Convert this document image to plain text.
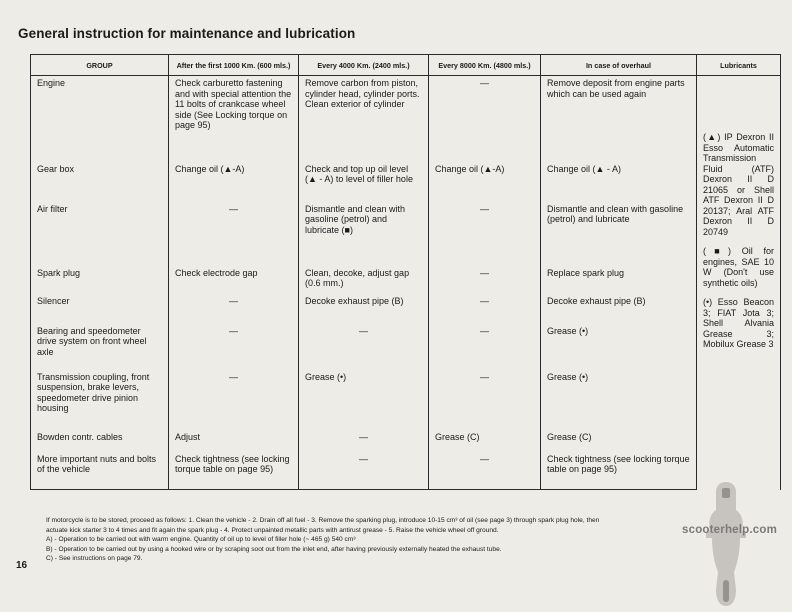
General instruction for maintenance and lubrication
GROUP	After the first 1000 Km. (600 mls.)	Every 4000 Km. (2400 mls.)	Every 8000 Km. (4800 mls.)	In case of overhaul	Lubricants
Engine	Check carburetto fastening and with special attention the 11 bolts of crankcase wheel side (See Locking torque on page 95)	Remove carbon from piston, cylinder head, cylinder ports. Clean exterior of cylinder	—	Remove deposit from engine parts which can be used again	(▲) IP Dexron II Esso Automatic Transmission Fluid (ATF) Dexron II D 21065 or Shell ATF Dexron II D 20137; Aral ATF Dexron II D 20749

(■) Oil for engines, SAE 10 W (Don't use synthetic oils)

(•) Esso Beacon 3; FIAT Jota 3; Shell Alvania Grease 3; Mobilux Grease 3

Gear box	Change oil (▲-A)	Check and top up oil level (▲ - A) to level of filler hole	Change oil (▲-A)	Change oil (▲ - A)	
Air filter	—	Dismantle and clean with gasoline (petrol) and lubricate (■)	—	Dismantle and clean with gasoline (petrol) and lubricate	
Spark plug	Check electrode gap	Clean, decoke, adjust gap (0.6 mm.)	—	Replace spark plug	
Silencer	—	Decoke exhaust pipe (B)	—	Decoke exhaust pipe (B)	
Bearing and speedometer drive system on front wheel axle	—	—	—	Grease (•)	
Transmission coupling, front suspension, brake levers, speedometer drive pinion housing	—	Grease (•)	—	Grease (•)	
Bowden contr. cables	Adjust	—	Grease (C)	Grease (C)	
More important nuts and bolts of the vehicle	Check tightness (see locking torque table on page 95)	—	—	Check tightness (see locking torque table on page 95)	
If motorcycle is to be stored, proceed as follows: 1. Clean the vehicle - 2. Drain off all fuel - 3. Remove the sparking plug, introduce 10-15 cm³ of oil (see page 3) through spark plug hole, then
actuate kick starter 3 to 4 times and fit again the spark plug - 4. Protect unpainted metallic parts with antirust grease - 5. Raise the vehicle wheel off ground.
A) - Operation to be carried out with warm engine. Quantity of oil up to level of filler hole (~ 465 g) 540 cm³
B) - Operation to be carried out by using a hooked wire or by scraping soot out from the inlet end, after having previously externally heated the exhaust tube.
C) - See instructions on page 79.
16
scooterhelp.com
